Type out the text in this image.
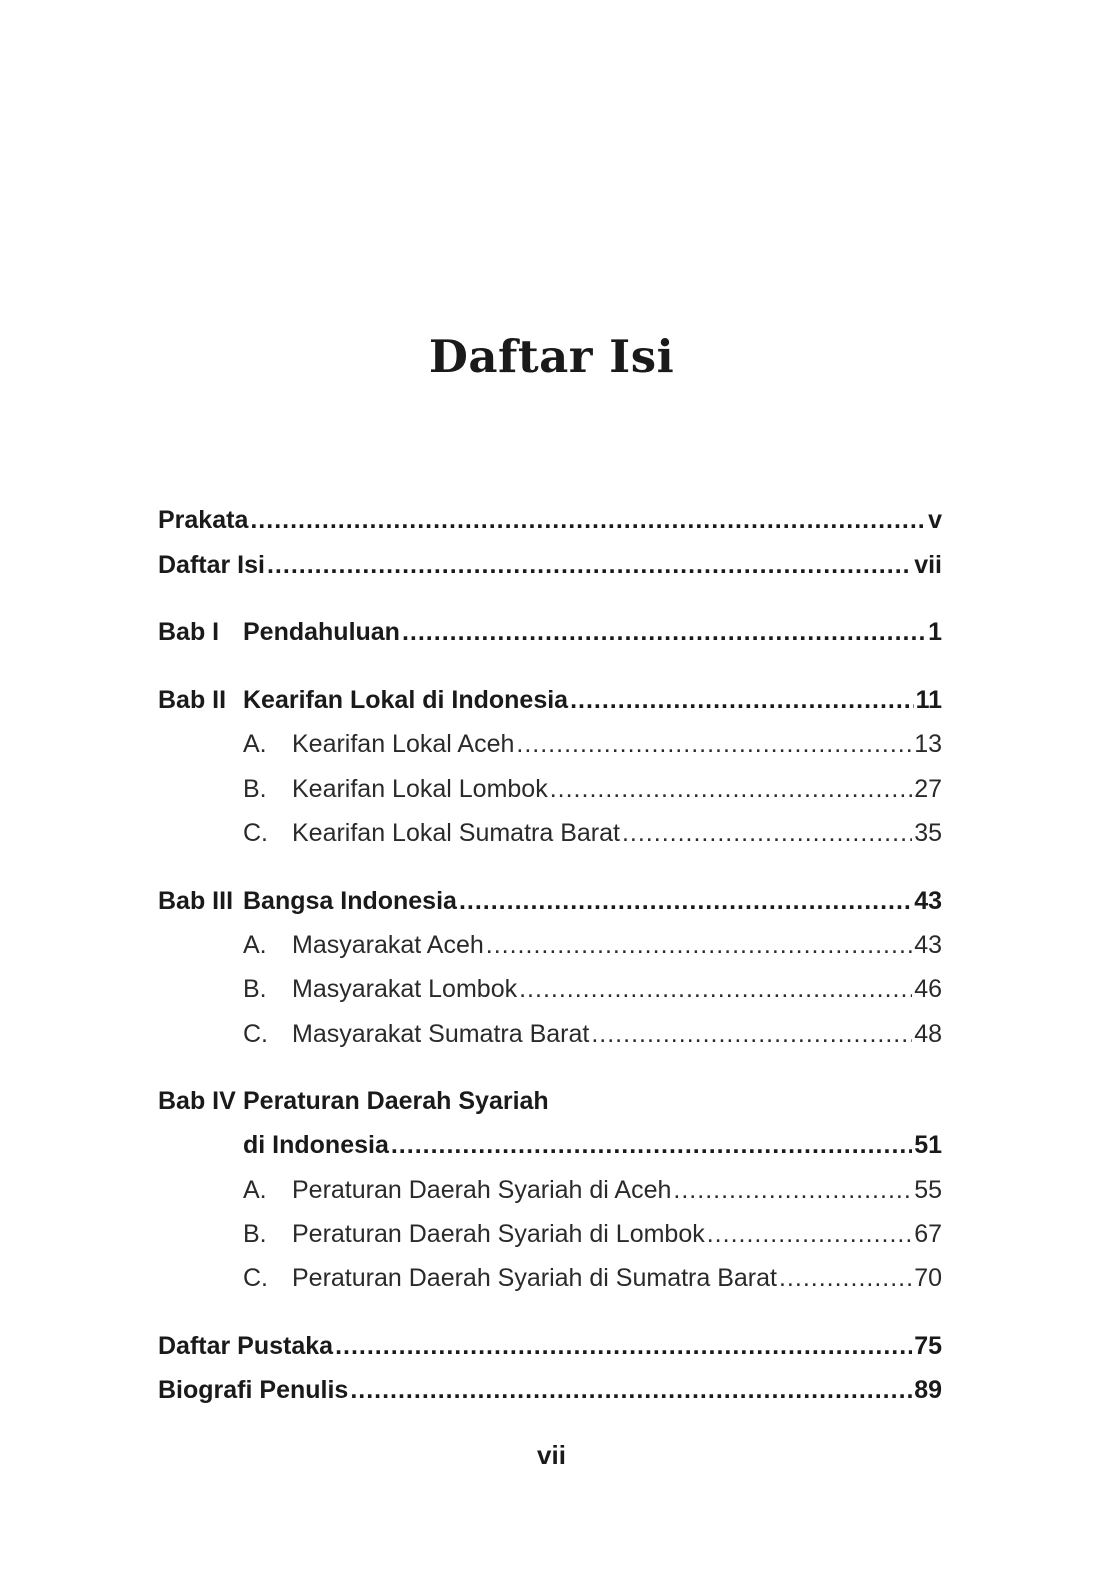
Daftar Isi
Prakata .....	v
Daftar Isi .....	vii
Bab I Pendahuluan .....	1
Bab II Kearifan Lokal di Indonesia .....	11
A.	Kearifan Lokal Aceh .....	13
B.	Kearifan Lokal Lombok .....	27
C. Kearifan Lokal Sumatra Barat .....	35
Bab III Bangsa Indonesia .....	43
A.	Masyarakat Aceh .....	43
B.	Masyarakat Lombok .....	46
C. Masyarakat Sumatra Barat .....	48
Bab IV Peraturan Daerah Syariah
di Indonesia .....	51
A.	Peraturan Daerah Syariah di Aceh .....	55
B.	Peraturan Daerah Syariah di Lombok .....	67
C. Peraturan Daerah Syariah di Sumatra Barat .....	70
Daftar Pustaka .....	75
Biografi Penulis .....	89
vii
